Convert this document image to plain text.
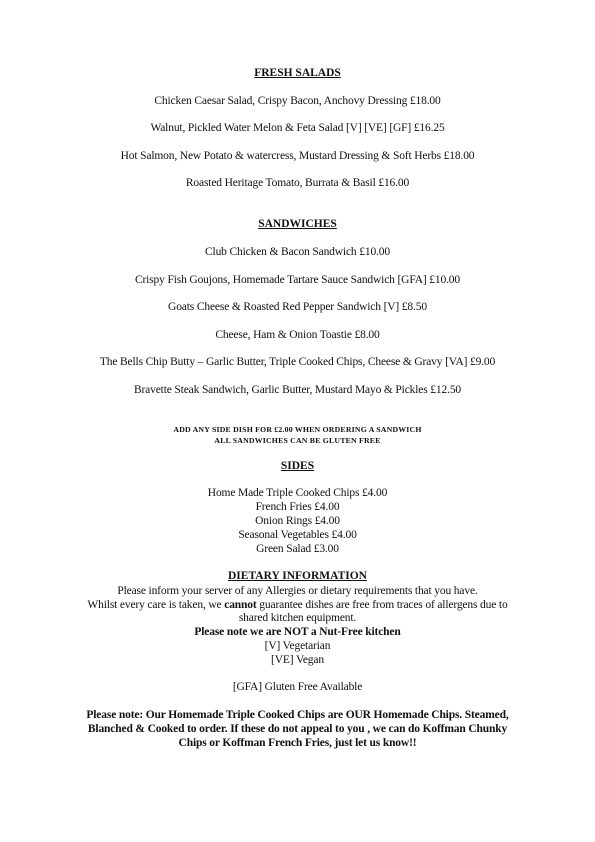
FRESH SALADS
Chicken Caesar Salad, Crispy Bacon, Anchovy Dressing £18.00
Walnut, Pickled Water Melon & Feta Salad [V] [VE] [GF] £16.25
Hot Salmon, New Potato & watercress, Mustard Dressing & Soft Herbs £18.00
Roasted Heritage Tomato, Burrata & Basil £16.00
SANDWICHES
Club Chicken & Bacon Sandwich £10.00
Crispy Fish Goujons, Homemade Tartare Sauce Sandwich [GFA] £10.00
Goats Cheese & Roasted Red Pepper Sandwich [V] £8.50
Cheese, Ham & Onion Toastie £8.00
The Bells Chip Butty – Garlic Butter, Triple Cooked Chips, Cheese & Gravy [VA] £9.00
Bravette Steak Sandwich, Garlic Butter, Mustard Mayo & Pickles £12.50
ADD ANY SIDE DISH FOR £2.00 WHEN ORDERING A SANDWICH
ALL SANDWICHES CAN BE GLUTEN FREE
SIDES
Home Made Triple Cooked Chips £4.00
French Fries £4.00
Onion Rings £4.00
Seasonal Vegetables £4.00
Green Salad £3.00
DIETARY INFORMATION
Please inform your server of any Allergies or dietary requirements that you have.
Whilst every care is taken, we cannot guarantee dishes are free from traces of allergens due to
shared kitchen equipment.
Please note we are NOT a Nut-Free kitchen
[V] Vegetarian
[VE] Vegan
[GFA] Gluten Free Available
Please note: Our Homemade Triple Cooked Chips are OUR Homemade Chips. Steamed,
Blanched & Cooked to order. If these do not appeal to you , we can do Koffman Chunky
Chips or Koffman French Fries, just let us know!!
